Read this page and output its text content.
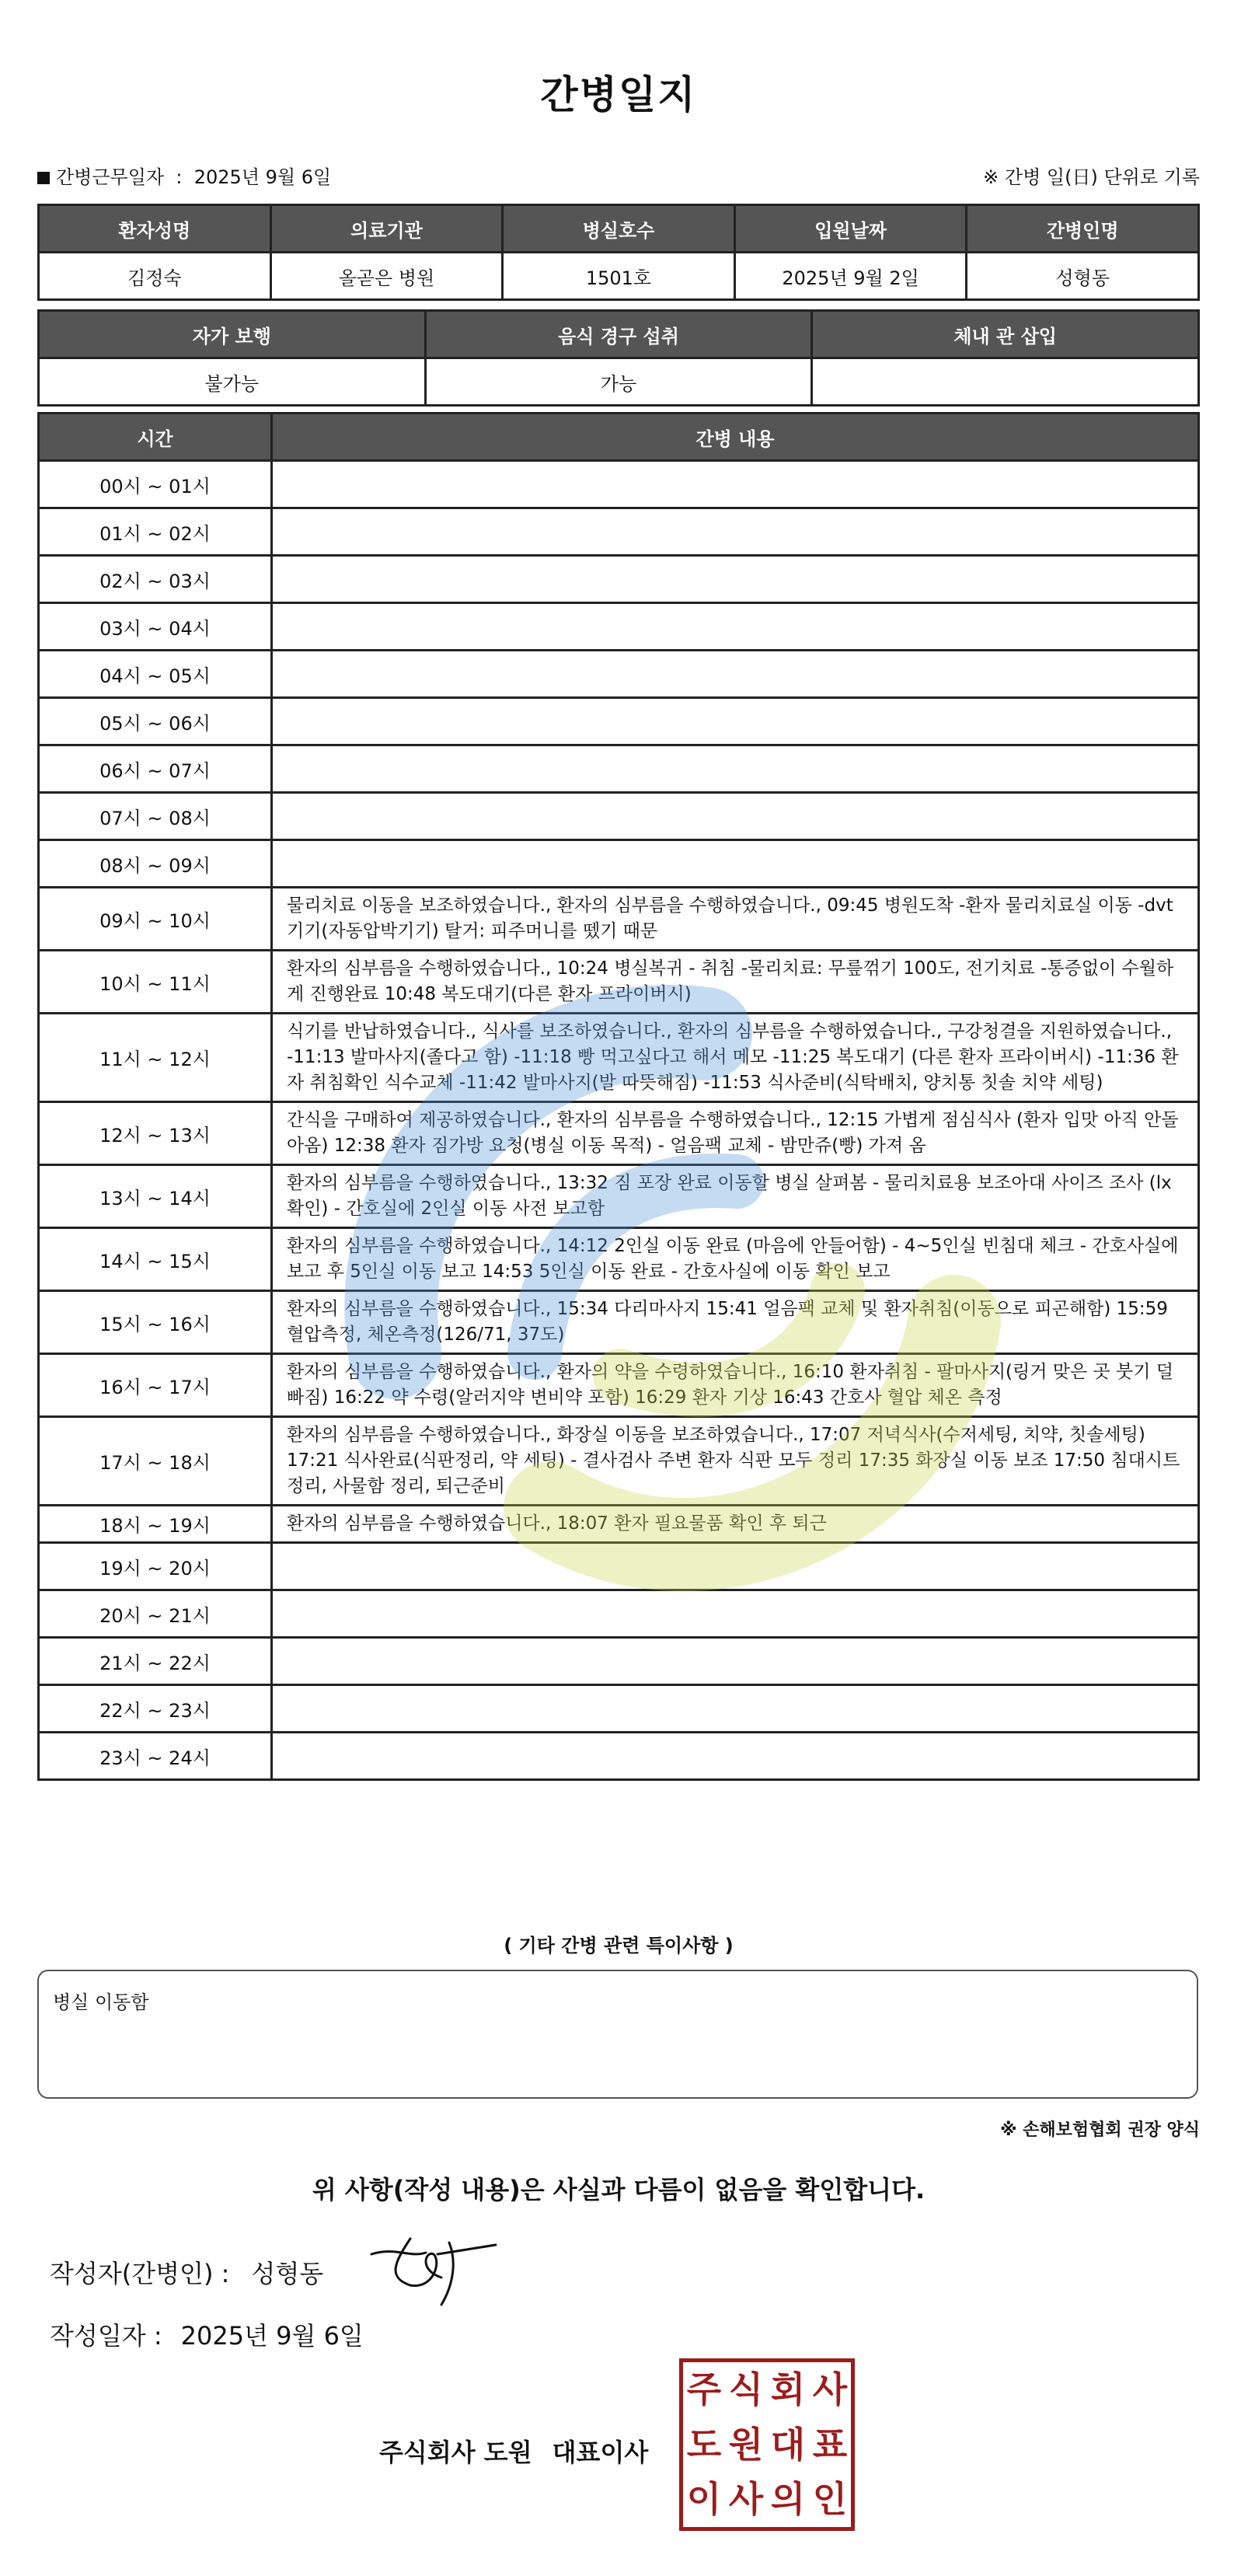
간병일지
간병근무일자 : 2025년 9월 6일	※ 간병 일(日) 단위로 기록
환자성명	의료기관	병실호수	입원날짜	간병인명
김정숙	올곧은 병원	1501호	2025년 9월 2일	성형동
자가 보행	음식 경구 섭취	체내 관 삽입
불가능	가능	
시간	간병 내용
00시 ~ 01시	
01시 ~ 02시	
02시 ~ 03시	
03시 ~ 04시	
04시 ~ 05시	
05시 ~ 06시	
06시 ~ 07시	
07시 ~ 08시	
08시 ~ 09시	
09시 ~ 10시	물리치료 이동을 보조하였습니다., 환자의 심부름을 수행하였습니다., 09:45 병원도착 -환자 물리치료실 이동 -dvt기기(자동압박기기) 탈거: 피주머니를 뗐기 때문
10시 ~ 11시	환자의 심부름을 수행하였습니다., 10:24 병실복귀 - 취침 -물리치료: 무릎꺾기 100도, 전기치료 -통증없이 수월하게 진행완료 10:48 복도대기(다른 환자 프라이버시)
11시 ~ 12시	식기를 반납하였습니다., 식사를 보조하였습니다., 환자의 심부름을 수행하였습니다., 구강청결을 지원하였습니다., -11:13 발마사지(졸다고 함) -11:18 빵 먹고싶다고 해서 메모 -11:25 복도대기 (다른 환자 프라이버시) -11:36 환자 취침확인 식수교체 -11:42 발마사지(발 따뜻해짐) -11:53 식사준비(식탁배치, 양치통 칫솔 치약 세팅)
12시 ~ 13시	간식을 구매하여 제공하였습니다., 환자의 심부름을 수행하였습니다., 12:15 가볍게 점심식사 (환자 입맛 아직 안돌아옴) 12:38 환자 짐가방 요청(병실 이동 목적) - 얼음팩 교체 - 밤만쥬(빵) 가져 옴
13시 ~ 14시	환자의 심부름을 수행하였습니다., 13:32 짐 포장 완료 이동할 병실 살펴봄 - 물리치료용 보조아대 사이즈 조사 (lx 확인) - 간호실에 2인실 이동 사전 보고함
14시 ~ 15시	환자의 심부름을 수행하였습니다., 14:12 2인실 이동 완료 (마음에 안들어함) - 4~5인실 빈침대 체크 - 간호사실에 보고 후 5인실 이동 보고 14:53 5인실 이동 완료 - 간호사실에 이동 확인 보고
15시 ~ 16시	환자의 심부름을 수행하였습니다., 15:34 다리마사지 15:41 얼음팩 교체 및 환자취침(이동으로 피곤해함) 15:59 혈압측정, 체온측정(126/71, 37도)
16시 ~ 17시	환자의 심부름을 수행하였습니다., 환자의 약을 수령하였습니다., 16:10 환자취침 - 팔마사지(링거 맞은 곳 붓기 덜 빠짐) 16:22 약 수령(알러지약 변비약 포함) 16:29 환자 기상 16:43 간호사 혈압 체온 측정
17시 ~ 18시	환자의 심부름을 수행하였습니다., 화장실 이동을 보조하였습니다., 17:07 저녁식사(수저세팅, 치약, 칫솔세팅) 17:21 식사완료(식판정리, 약 세팅) - 결사검사 주변 환자 식판 모두 정리 17:35 화장실 이동 보조 17:50 침대시트 정리, 사물함 정리, 퇴근준비
18시 ~ 19시	환자의 심부름을 수행하였습니다., 18:07 환자 필요물품 확인 후 퇴근
19시 ~ 20시	
20시 ~ 21시	
21시 ~ 22시	
22시 ~ 23시	
23시 ~ 24시	
( 기타 간병 관련 특이사항 )
병실 이동함
※ 손해보험협회 권장 양식
위 사항(작성 내용)은 사실과 다름이 없음을 확인합니다.
작성자(간병인) : 성형동
작성일자 : 2025년 9월 6일
주식회사 도원 대표이사
주 식 회 사
도 원 대 표
이 사 의 인
